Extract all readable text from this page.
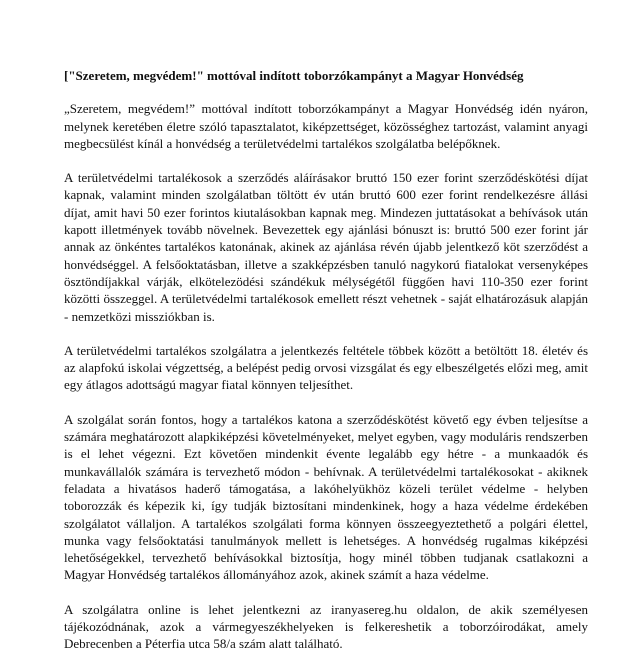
["Szeretem, megvédem!" mottóval indított toborzókampányt a Magyar Honvédség

„Szeretem, megvédem!” mottóval indított toborzókampányt a Magyar Honvédség idén nyáron, melynek keretében életre szóló tapasztalatot, kiképzettséget, közösséghez tartozást, valamint anyagi megbecsülést kínál a honvédség a területvédelmi tartalékos szolgálatba belépőknek.

A területvédelmi tartalékosok a szerződés aláírásakor bruttó 150 ezer forint szerződéskötési díjat kapnak, valamint minden szolgálatban töltött év után bruttó 600 ezer forint rendelkezésre állási díjat, amit havi 50 ezer forintos kiutalásokban kapnak meg. Mindezen juttatásokat a behívások után kapott illetmények tovább növelnek. Bevezettek egy ajánlási bónuszt is: bruttó 500 ezer forint jár annak az önkéntes tartalékos katonának, akinek az ajánlása révén újabb jelentkező köt szerződést a honvédséggel. A felsőoktatásban, illetve a szakképzésben tanuló nagykorú fiatalokat versenyképes ösztöndíjakkal várják, elkötelezödési szándékuk mélységétől függően havi 110-350 ezer forint közötti összeggel. A területvédelmi tartalékosok emellett részt vehetnek - saját elhatározásuk alapján - nemzetközi missziókban is.

A területvédelmi tartalékos szolgálatra a jelentkezés feltétele többek között a betöltött 18. életév és az alapfokú iskolai végzettség, a belépést pedig orvosi vizsgálat és egy elbeszélgetés előzi meg, amit egy átlagos adottságú magyar fiatal könnyen teljesíthet.

A szolgálat során fontos, hogy a tartalékos katona a szerződéskötést követő egy évben teljesítse a számára meghatározott alapkiképzési követelményeket, melyet egyben, vagy moduláris rendszerben is el lehet végezni. Ezt követően mindenkit évente legalább egy hétre - a munkaadók és munkavállalók számára is tervezhető módon - behívnak. A területvédelmi tartalékosokat - akiknek feladata a hivatásos haderő támogatása, a lakóhelyükhöz közeli terület védelme - helyben toborozzák és képezik ki, így tudják biztosítani mindenkinek, hogy a haza védelme érdekében szolgálatot vállaljon. A tartalékos szolgálati forma könnyen összeegyeztethető a polgári élettel, munka vagy felsőoktatási tanulmányok mellett is lehetséges. A honvédség rugalmas kiképzési lehetőségekkel, tervezhető behívásokkal biztosítja, hogy minél többen tudjanak csatlakozni a Magyar Honvédség tartalékos állományához azok, akinek számít a haza védelme.

A szolgálatra online is lehet jelentkezni az iranyasereg.hu oldalon, de akik személyesen tájékozódnának, azok a vármegyeszékhelyeken is felkereshetik a toborzóirodákat, amely Debrecenben a Péterfia utca 58/a szám alatt található.
